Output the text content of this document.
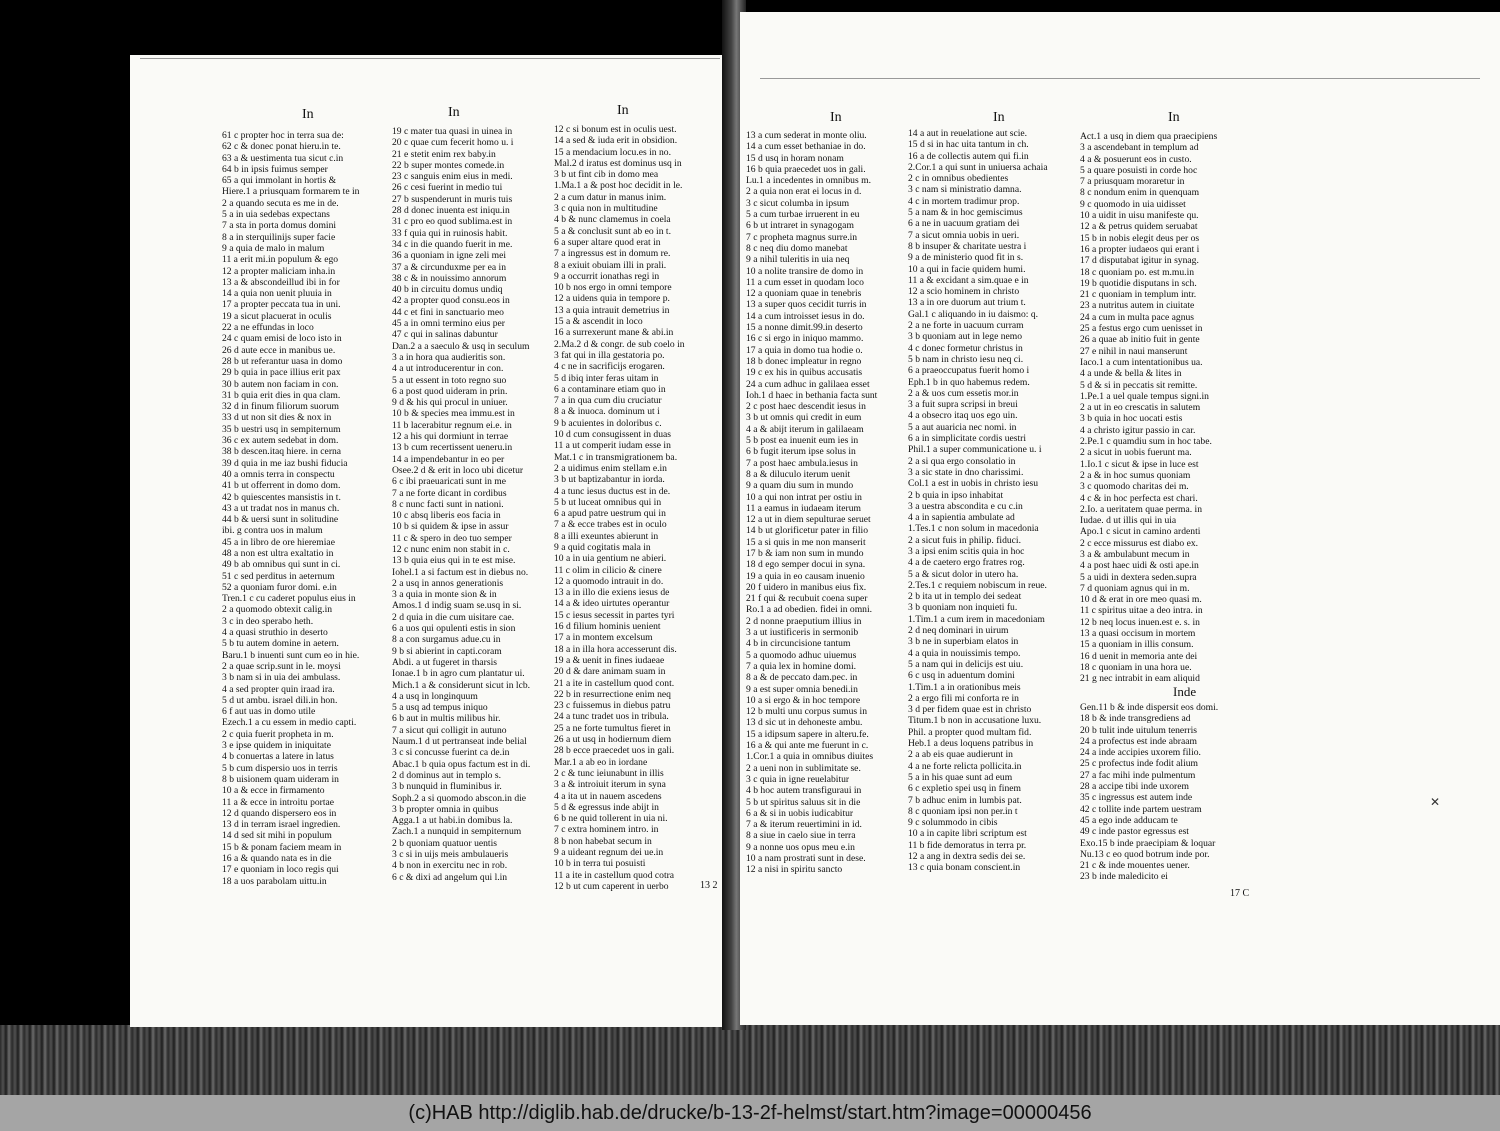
In	In	In
61 c propter hoc in terra sua de:
62 c & donec ponat hieru.in te.
63 a & uestimenta tua sicut c.in
64 b in ipsis fuimus semper
65 a qui immolant in hortis &
Hiere.1 a priusquam formarem te in
2 a quando secuta es me in de.
5 a in uia sedebas expectans
7 a sta in porta domus domini
8 a in sterquilinijs super facie
9 a quia de malo in malum
11 a erit mi.in populum & ego
12 a propter maliciam inha.in
13 a & abscondeillud ibi in for
14 a quia non uenit pluuia in
17 a propter peccata tua in uni.
19 a sicut placuerat in oculis
22 a ne effundas in loco
24 c quam emisi de loco isto in
26 d aute ecce in manibus ue.
28 b ut referantur uasa in domo
29 b quia in pace illius erit pax
30 b autem non faciam in con.
31 b quia erit dies in qua clam.
32 d in finum filiorum suorum
33 d ut non sit dies & nox in
35 b uestri usq in sempiternum
36 c ex autem sedebat in dom.
38 b descen.itaq hiere. in cerna
39 d quia in me iaz bushi fiducia
40 a omnis terra in conspectu
41 b ut offerrent in domo dom.
42 b quiescentes mansistis in t.
43 a ut tradat nos in manus ch.
44 b & uersi sunt in solitudine
ibi. g contra uos in malum
45 a in libro de ore hieremiae
48 a non est ultra exaltatio in
49 b ab omnibus qui sunt in ci.
51 c sed perditus in aeternum
52 a quoniam furor domi. e.in
Tren.1 c cu caderet populus eius in
2 a quomodo obtexit calig.in
3 c in deo sperabo heth.
4 a quasi struthio in deserto
5 b tu autem domine in aetern.
Baru.1 b inuenti sunt cum eo in hie.
2 a quae scrip.sunt in le. moysi
3 b nam si in uia dei ambulass.
4 a sed propter quin iraad ira.
5 d ut ambu. israel dili.in hon.
6 f aut uas in domo utile
Ezech.1 a cu essem in medio capti.
2 c quia fuerit propheta in m.
3 e ipse quidem in iniquitate
4 b conuertas a latere in latus
5 b cum dispersio uos in terris
8 b uisionem quam uideram in
10 a & ecce in firmamento
11 a & ecce in introitu portae
12 d quando dispersero eos in
13 d in terram israel ingredien.
14 d sed sit mihi in populum
15 b & ponam faciem meam in
16 a & quando nata es in die
17 e quoniam in loco regis qui
18 a uos parabolam uittu.in
19 c mater tua quasi in uinea in
20 c quae cum fecerit homo u. i
21 e stetit enim rex baby.in
22 b super montes comede.in
23 c sanguis enim eius in medi.
26 c cesi fuerint in medio tui
27 b suspenderunt in muris tuis
28 d donec inuenta est iniqu.in
31 c pro eo quod sublima.est in
33 f quia qui in ruinosis habit.
34 c in die quando fuerit in me.
36 a quoniam in igne zeli mei
37 a & circunduxme per ea in
38 c & in nouissimo annorum
40 b in circuitu domus undiq
42 a propter quod consu.eos in
44 c et fini in sanctuario meo
45 a in omni termino eius per
47 c qui in salinas dabuntur
Dan.2 a a saeculo & usq in seculum
3 a in hora qua audieritis son.
4 a ut introducerentur in con.
5 a ut essent in toto regno suo
6 a post quod uideram in prin.
9 d & his qui procul in uniuer.
10 b & species mea immu.est in
11 b lacerabitur regnum ei.e. in
12 a his qui dormiunt in terrae
13 b cum recertissent ueneru.in
14 a impendebantur in eo per
Osee.2 d & erit in loco ubi dicetur
6 c ibi praeuaricati sunt in me
7 a ne forte dicant in cordibus
8 c nunc facti sunt in nationi.
10 c absq liberis eos facia in
10 b si quidem & ipse in assur
11 c & spero in deo tuo semper
12 c nunc enim non stabit in c.
13 b quia eius qui in te est mise.
Iohel.1 a si factum est in diebus no.
2 a usq in annos generationis
3 a quia in monte sion & in
Amos.1 d indig suam se.usq in si.
2 d quia in die cum uisitare cae.
6 a uos qui opulenti estis in sion
8 a con surgamus adue.cu in
9 b si abierint in capti.coram
Abdi. a ut fugeret in tharsis
Ionae.1 b in agro cum plantatur ui.
Mich.1 a & considerunt sicut in lcb.
4 a usq in longinquum
5 a usq ad tempus iniquo
6 b aut in multis milibus hir.
7 a sicut qui colligit in autuno
Naum.1 d ut pertranseat inde belial
3 c si concusse fuerint ca de.in
Abac.1 b quia opus factum est in di.
2 d dominus aut in templo s.
3 b nunquid in fluminibus ir.
Soph.2 a si quomodo abscon.in die
3 b propter omnia in quibus
Agga.1 a ut habi.in domibus la.
Zach.1 a nunquid in sempiternum
2 b quoniam quatuor uentis
3 c si in uijs meis ambulaueris
4 b non in exercitu nec in rob.
6 c & dixi ad angelum qui l.in
12 c si bonum est in oculis uest.
14 a sed & iuda erit in obsidion.
15 a mendacium locu.es in no.
Mal.2 d iratus est dominus usq in
3 b ut fint cib in domo mea
1.Ma.1 a & post hoc decidit in le.
2 a cum datur in manus inim.
3 c quia non in multitudine
4 b & nunc clamemus in coela
5 a & conclusit sunt ab eo in t.
6 a super altare quod erat in
7 a ingressus est in domum re.
8 a exiuit obuiam illi in prali.
9 a occurrit ionathas regi in
10 b nos ergo in omni tempore
12 a uidens quia in tempore p.
13 a quia intrauit demetrius in
15 a & ascendit in loco
16 a surrexerunt mane & abi.in
2.Ma.2 d & congr. de sub coelo in
3 fat qui in illa gestatoria po.
4 c ne in sacrificijs erogaren.
5 d ibiq inter feras uitam in
6 a contaminare etiam quo in
7 a in qua cum diu cruciatur
8 a & inuoca. dominum ut i
9 b acuientes in doloribus c.
10 d cum consugissent in duas
11 a ut comperit iudam esse in
Mat.1 c in transmigrationem ba.
2 a uidimus enim stellam e.in
3 b ut baptizabantur in iorda.
4 a tunc iesus ductus est in de.
5 b ut luceat omnibus qui in
6 a apud patre uestrum qui in
7 a & ecce trabes est in oculo
8 a illi exeuntes abierunt in
9 a quid cogitatis mala in
10 a in uia gentium ne abieri.
11 c olim in cilicio & cinere
12 a quomodo intrauit in do.
13 a in illo die exiens iesus de
14 a & ideo uirtutes operantur
15 c iesus secessit in partes tyri
16 d filium hominis uenient
17 a in montem excelsum
18 a in illa hora accesserunt dis.
19 a & uenit in fines iudaeae
20 d & dare animam suam in
21 a ite in castellum quod cont.
22 b in resurrectione enim neq
23 c fuissemus in diebus patru
24 a tunc tradet uos in tribula.
25 a ne forte tumultus fieret in
26 a ut usq in hodiernum diem
28 b ecce praecedet uos in gali.
Mar.1 a ab eo in iordane
2 c & tunc ieiunabunt in illis
3 a & introiuit iterum in syna
4 a ita ut in nauem ascedens
5 d & egressus inde abijt in
6 b ne quid tollerent in uia ni.
7 c extra hominem intro. in
8 b non habebat secum in
9 a uideant regnum dei ue.in
10 b in terra tui posuisti
11 a ite in castellum quod cotra
12 b ut cum caperent in uerbo	13 2
In	In	In
13 a cum sederat in monte oliu.
14 a cum esset bethaniae in do.
15 d usq in horam nonam
16 b quia praecedet uos in gali.
Lu.1 a incedentes in omnibus m.
2 a quia non erat ei locus in d.
3 c sicut columba in ipsum
5 a cum turbae irruerent in eu
6 b ut intraret in synagogam
7 c propheta magnus surre.in
8 c neq diu domo manebat
9 a nihil tuleritis in uia neq
10 a nolite transire de domo in
11 a cum esset in quodam loco
12 a quoniam quae in tenebris
13 a super quos cecidit turris in
14 a cum introisset iesus in do.
15 a nonne dimit.99.in deserto
16 c si ergo in iniquo mammo.
17 a quia in domo tua hodie o.
18 b donec impleatur in regno
19 c ex his in quibus accusatis
24 a cum adhuc in galilaea esset
Ioh.1 d haec in bethania facta sunt
2 c post haec descendit iesus in
3 b ut omnis qui credit in eum
4 a & abijt iterum in galilaeam
5 b post ea inuenit eum ies in
6 b fugit iterum ipse solus in
7 a post haec ambula.iesus in
8 a & diluculo iterum uenit
9 a quam diu sum in mundo
10 a qui non intrat per ostiu in
11 a eamus in iudaeam iterum
12 a ut in diem sepulturae seruet
14 b ut glorificetur pater in filio
15 a si quis in me non manserit
17 b & iam non sum in mundo
18 d ego semper docui in syna.
19 a quia in eo causam inuenio
20 f uidero in manibus eius fix.
21 f qui & recubuit coena super
Ro.1 a ad obedien. fidei in omni.
2 d nonne praeputium illius in
3 a ut iustificeris in sermonib
4 b in circuncisione tantum
5 a quomodo adhuc uiuemus
7 a quia lex in homine domi.
8 a & de peccato dam.pec. in
9 a est super omnia benedi.in
10 a si ergo & in hoc tempore
12 b multi unu corpus sumus in
13 d sic ut in dehoneste ambu.
15 a idipsum sapere in alteru.fe.
16 a & qui ante me fuerunt in c.
1.Cor.1 a quia in omnibus diuites
2 a ueni non in sublimitate se.
3 c quia in igne reuelabitur
4 b hoc autem transfiguraui in
5 b ut spiritus saluus sit in die
6 a & si in uobis iudicabitur
7 a & iterum reuertimini in id.
8 a siue in caelo siue in terra
9 a nonne uos opus meu e.in
10 a nam prostrati sunt in dese.
12 a nisi in spiritu sancto
14 a aut in reuelatione aut scie.
15 d si in hac uita tantum in ch.
16 a de collectis autem qui fi.in
2.Cor.1 a qui sunt in uniuersa achaia
2 c in omnibus obedientes
3 c nam si ministratio damna.
4 c in mortem tradimur prop.
5 a nam & in hoc gemiscimus
6 a ne in uacuum gratiam dei
7 a sicut omnia uobis in ueri.
8 b insuper & charitate uestra i
9 a de ministerio quod fit in s.
10 a qui in facie quidem humi.
11 a & excidant a sim.quae e in
12 a scio hominem in christo
13 a in ore duorum aut trium t.
Gal.1 c aliquando in iu daismo: q.
2 a ne forte in uacuum curram
3 b quoniam aut in lege nemo
4 c donec formetur christus in
5 b nam in christo iesu neq ci.
6 a praeoccupatus fuerit homo i
Eph.1 b in quo habemus redem.
2 a & uos cum essetis mor.in
3 a fuit supra scripsi in breui
4 a obsecro itaq uos ego uin.
5 a aut auaricia nec nomi. in
6 a in simplicitate cordis uestri
Phil.1 a super communicatione u. i
2 a si qua ergo consolatio in
3 a sic state in dno charissimi.
Col.1 a est in uobis in christo iesu
2 b quia in ipso inhabitat
3 a uestra abscondita e cu c.in
4 a in sapientia ambulate ad
1.Tes.1 c non solum in macedonia
2 a sicut fuis in philip. fiduci.
3 a ipsi enim scitis quia in hoc
4 a de caetero ergo fratres rog.
5 a & sicut dolor in utero ha.
2.Tes.1 c requiem nobiscum in reue.
2 b ita ut in templo dei sedeat
3 b quoniam non inquieti fu.
1.Tim.1 a cum irem in macedoniam
2 d neq dominari in uirum
3 b ne in superbiam elatos in
4 a quia in nouissimis tempo.
5 a nam qui in delicijs est uiu.
6 c usq in aduentum domini
1.Tim.1 a in orationibus meis
2 a ergo fili mi conforta re in
3 d per fidem quae est in christo
Titum.1 b non in accusatione luxu.
Phil. a propter quod multam fid.
Heb.1 a deus loquens patribus in
2 a ab eis quae audierunt in
4 a ne forte relicta pollicita.in
5 a in his quae sunt ad eum
6 c expletio spei usq in finem
7 b adhuc enim in lumbis pat.
8 c quoniam ipsi non per.in t
9 c solummodo in cibis
10 a in capite libri scriptum est
11 b fide demoratus in terra pr.
12 a ang in dextra sedis dei se.
13 c quia bonam conscient.in
Act.1 a usq in diem qua praecipiens
3 a ascendebant in templum ad
4 a & posuerunt eos in custo.
5 a quare posuisti in corde hoc
7 a priusquam moraretur in
8 c nondum enim in quenquam
9 c quomodo in uia uidisset
10 a uidit in uisu manifeste qu.
12 a & petrus quidem seruabat
15 b in nobis elegit deus per os
16 a propter iudaeos qui erant i
17 d disputabat igitur in synag.
18 c quoniam po. est m.mu.in
19 b quotidie disputans in sch.
21 c quoniam in templum intr.
23 a nutritus autem in ciuitate
24 a cum in multa pace agnus
25 a festus ergo cum uenisset in
26 a quae ab initio fuit in gente
27 e nihil in naui manserunt
Iaco.1 a cum intentationibus ua.
4 a unde & bella & lites in
5 d & si in peccatis sit remitte.
1.Pe.1 a uel quale tempus signi.in
2 a ut in eo crescatis in salutem
3 b quia in hoc uocati estis
4 a christo igitur passio in car.
2.Pe.1 c quamdiu sum in hoc tabe.
2 a sicut in uobis fuerunt ma.
1.Io.1 c sicut & ipse in luce est
2 a & in hoc sumus quoniam
3 c quomodo charitas dei m.
4 c & in hoc perfecta est chari.
2.Io. a ueritatem quae perma. in
Iudae. d ut illis qui in uia
Apo.1 c sicut in camino ardenti
2 c ecce missurus est diabo ex.
3 a & ambulabunt mecum in
4 a post haec uidi & osti ape.in
5 a uidi in dextera seden.supra
7 d quoniam agnus qui in m.
10 d & erat in ore meo quasi m.
11 c spiritus uitae a deo intra. in
12 b neq locus inuen.est e. s. in
13 a quasi occisum in mortem
15 a quoniam in illis consum.
16 d uenit in memoria ante dei
18 c quoniam in una hora ue.
21 g nec intrabit in eam aliquid
Inde
Gen.11 b & inde dispersit eos domi.
18 b & inde transgrediens ad
20 b tulit inde uitulum tenerris
24 a profectus est inde abraam
24 a inde accipies uxorem filio.
25 c profectus inde fodit alium
27 a fac mihi inde pulmentum
28 a accipe tibi inde uxorem
35 c ingressus est autem inde
42 c tollite inde partem uestram
45 a ego inde adducam te
49 c inde pastor egressus est
Exo.15 b inde praecipiam & loquar
Nu.13 c eo quod botrum inde por.
21 c & inde mouentes uener.
23 b inde maledicito ei
17 C
✕
(c)HAB http://diglib.hab.de/drucke/b-13-2f-helmst/start.htm?image=00000456
